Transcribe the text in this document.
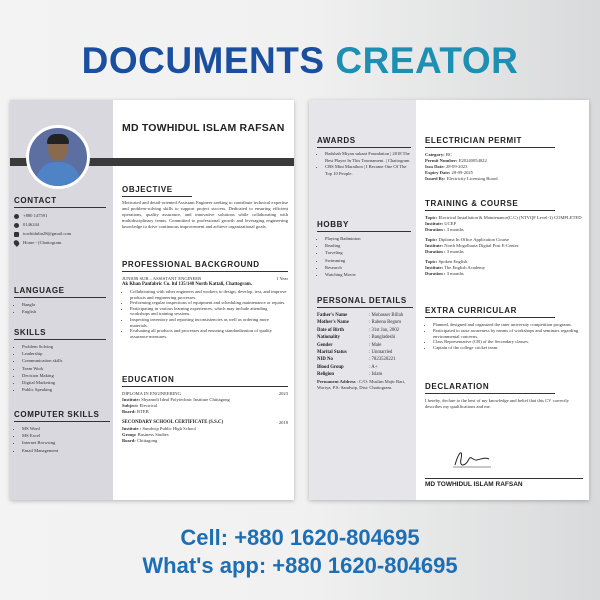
DOCUMENTS CREATOR
MD TOWHIDUL ISLAM RAFSAN
CONTACT
+880 147591
0146244
towhidulin28@gmail.com
Home - (Chattogram.
LANGUAGE
• Bangla
• English
SKILLS
• Problem Solving
• Leadership
• Communication skills
• Team Work
• Decision Making
• Digital Marketing
• Public Speaking
COMPUTER SKILLS
• MS Word
• MS Excel
• Internet Browsing
• Email Management
OBJECTIVE
Motivated and detail-oriented Assistant Engineer seeking to contribute technical expertise and problem-solving skills to support project success. Dedicated to ensuring efficient operations, quality assurance, and innovative solutions while collaborating with multidisciplinary teams. Committed to professional growth and leveraging engineering knowledge to drive continuous improvement and achieve organizational goals.
PROFESSIONAL BACKGROUND
JUNIOR SUB – ASSISTANT ENGINEER	1 Year
Ak Khan Panfabric Co. ltd 135/148 North Kattali, Chattogram.
• Collaborating with other engineers and workers to design, develop, test, and improve products and engineering processes.
• Performing regular inspections of equipment and scheduling maintenance or repairs.
• Participating in various learning experiences, which may include attending workshops and training sessions.
• Inspecting inventory and reporting inconsistencies as well as ordering more materials.
• Evaluating all products and processes and ensuring standardization of quality assurance measures.
EDUCATION
DIPLOMA IN ENGINEERING	2023
Institute: Shyamoli Ideal Polytechnic Institute Chittagong
Subject: Electrical
Board: BTEB
SECONDARY SCHOOL CERTIFICATE (S.S.C)	2018
Institute : Sundwip Public High School
Group: Business Studies
Board: Chittagong
AWARDS
• Badshah Miyan sukani Foundation | 2018 The Best Player In This Tournament. | Chattogram
• CBS Mini Marathon | I Became One Of The Top 10 People.
HOBBY
• Playing Badminton
• Reading
• Traveling
• Swimming
• Research
• Watching Movie
PERSONAL DETAILS
Father's Name	: Mobasser Billah
Mother's Name	: Rahena Begum
Date of Birth	: 31st Jan, 2002
Nationality	: Bangladeshi
Gender	: Male
Marital Status	: Unmarried
NID No	: 7823520221
Blood Group	: A+
Religion	: Islam
Permanent Address : C/O: Muslim Majir Bari, Woriya, P.S: Sandwip, Dist: Chattogram.
ELECTRICIAN PERMIT
Category: BC
Permit Number: E20240054022
Issu Date: 28-09-2023
Expiry Date: 28-09-2025
Issued By: Electricity Licensing Board
TRAINING & COURSE
Topic: Electrical Installation & Maintenance(C.C) (NTVQF Level-1) COMPLETED
Institute: UCEP
Duration : 3 months
Topic: Diploma In Office Application Course
Institute: North Mogolbaria Digital Post E-Center.
Duration : 3 months
Topic: Spoken English
Institute: The English Academy
Duration : 3 months
EXTRA CURRICULAR
• Planned, designed and organized the inter university competition programs.
• Participated to raise awareness by means of workshops and seminars regarding environmental concerns.
• Class Representative (CR) of the Secondary classes.
• Captain of the college cricket team.
DECLARATION
I hereby, declare to the best of my knowledge and belief that this CV correctly describes my qualifications and me.
MD TOWHIDUL ISLAM RAFSAN
Cell: +880 1620-804695
What's app: +880 1620-804695
